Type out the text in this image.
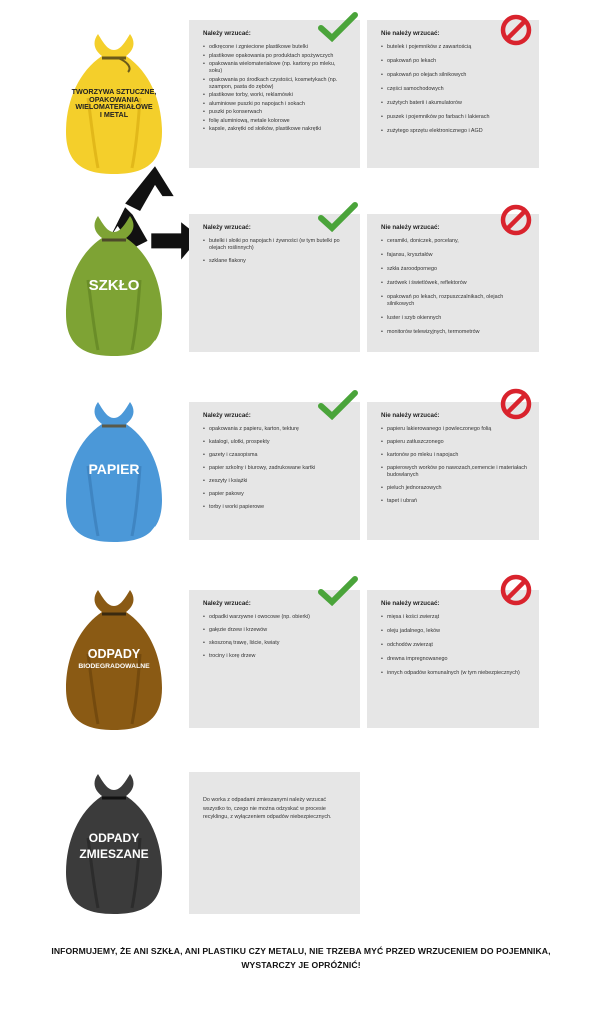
TWORZYWA SZTUCZNE,
OPAKOWANIA
WIELOMATERIAŁOWE
I METAL
Należy wrzucać:
• odkręcone i zgniecione plastikowe butelki
• plastikowe opakowania po produktach spożywczych
• opakowania wielomateriałowe (np. kartony po mleku, soku)
• opakowania po środkach czystości, kosmetykach (np. szampon, pasta do zębów)
• plastikowe torby, worki, reklamówki
• aluminiowe puszki po napojach i sokach
• puszki po konserwach
• folię aluminiową, metale kolorowe
• kapsle, zakrętki od słoików, plastikowe nakrętki
Nie należy wrzucać:
• butelek i pojemników z zawartością
• opakowań po lekach
• opakowań po olejach silnikowych
• części samochodowych
• zużytych baterii i akumulatorów
• puszek i pojemników po farbach i lakierach
• zużytego sprzętu elektronicznego i AGD
SZKŁO
Należy wrzucać:
• butelki i słoiki po napojach i żywności (w tym butelki po olejach roślinnych)
• szklane flakony
Nie należy wrzucać:
• ceramiki, doniczek, porcelany,
• fajansu, kryształów
• szkła żaroodpornego
• żarówek i świetlówek, reflektorów
• opakowań po lekach, rozpuszczalnikach, olejach silnikowych
• luster i szyb okiennych
• monitorów telewizyjnych, termometrów
PAPIER
Należy wrzucać:
• opakowania z papieru, karton, tekturę
• katalogi, ulotki, prospekty
• gazety i czasopisma
• papier szkolny i biurowy, zadrukowane kartki
• zeszyty i książki
• papier pakowy
• torby i worki papierowe
Nie należy wrzucać:
• papieru lakierowanego i powleczonego folią
• papieru zatłuszczonego
• kartonów po mleku i napojach
• papierowych worków po nawozach,cemencie i materiałach budowlanych
• pieluch jednorazowych
• tapet i ubrań
ODPADY
BIODEGRADOWALNE
Należy wrzucać:
• odpadki warzywne i owocowe (np. obierki)
• gałęzie drzew i krzewów
• skoszoną trawę, liście, kwiaty
• trociny i korę drzew
Nie należy wrzucać:
• mięsa i kości zwierząt
• oleju jadalnego, leków
• odchodów zwierząt
• drewna impregnowanego
• innych odpadów komunalnych (w tym niebezpiecznych)
ODPADY
ZMIESZANE
Do worka z odpadami zmieszanymi należy wrzucać wszystko to, czego nie można odzyskać w procesie recyklingu, z wyłączeniem odpadów niebezpiecznych.
INFORMUJEMY, ŻE ANI SZKŁA, ANI PLASTIKU CZY METALU, NIE TRZEBA MYĆ PRZED WRZUCENIEM DO POJEMNIKA,
WYSTARCZY JE OPRÓŻNIĆ!
